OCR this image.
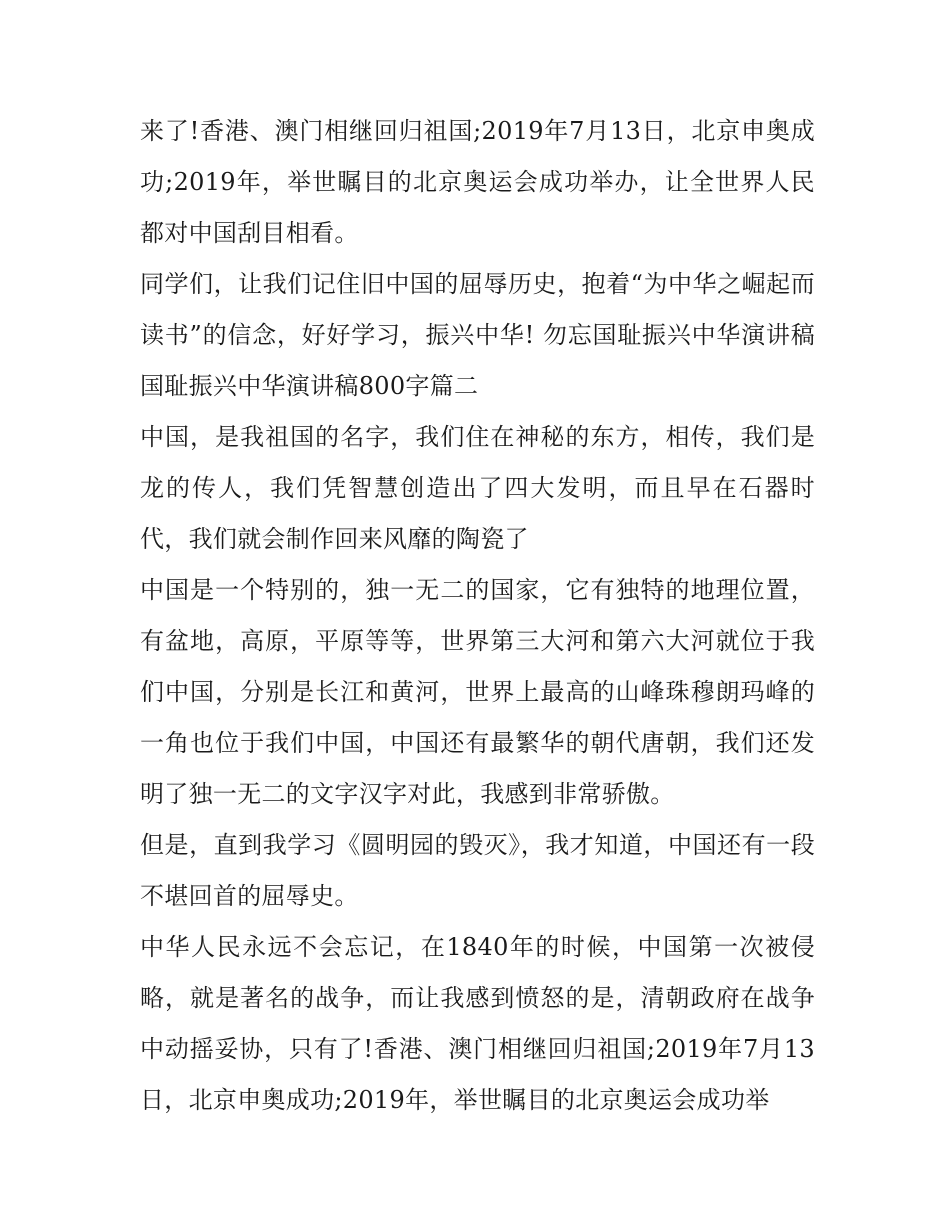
来了!香港、澳门相继回归祖国;2019年7月13日，北京申奥成功;2019年，举世瞩目的北京奥运会成功举办，让全世界人民都对中国刮目相看。

同学们，让我们记住旧中国的屈辱历史，抱着“为中华之崛起而读书”的信念，好好学习，振兴中华! 勿忘国耻振兴中华演讲稿 国耻振兴中华演讲稿800字篇二

中国，是我祖国的名字，我们住在神秘的东方，相传，我们是龙的传人，我们凭智慧创造出了四大发明，而且早在石器时代，我们就会制作回来风靡的陶瓷了

中国是一个特别的，独一无二的国家，它有独特的地理位置，有盆地，高原，平原等等，世界第三大河和第六大河就位于我们中国，分别是长江和黄河，世界上最高的山峰珠穆朗玛峰的一角也位于我们中国，中国还有最繁华的朝代唐朝，我们还发明了独一无二的文字汉字对此，我感到非常骄傲。

但是，直到我学习《圆明园的毁灭》，我才知道，中国还有一段不堪回首的屈辱史。

中华人民永远不会忘记，在1840年的时候，中国第一次被侵略，就是著名的战争，而让我感到愤怒的是，清朝政府在战争中动摇妥协，只有了!香港、澳门相继回归祖国;2019年7月13日，北京申奥成功;2019年，举世瞩目的北京奥运会成功举
